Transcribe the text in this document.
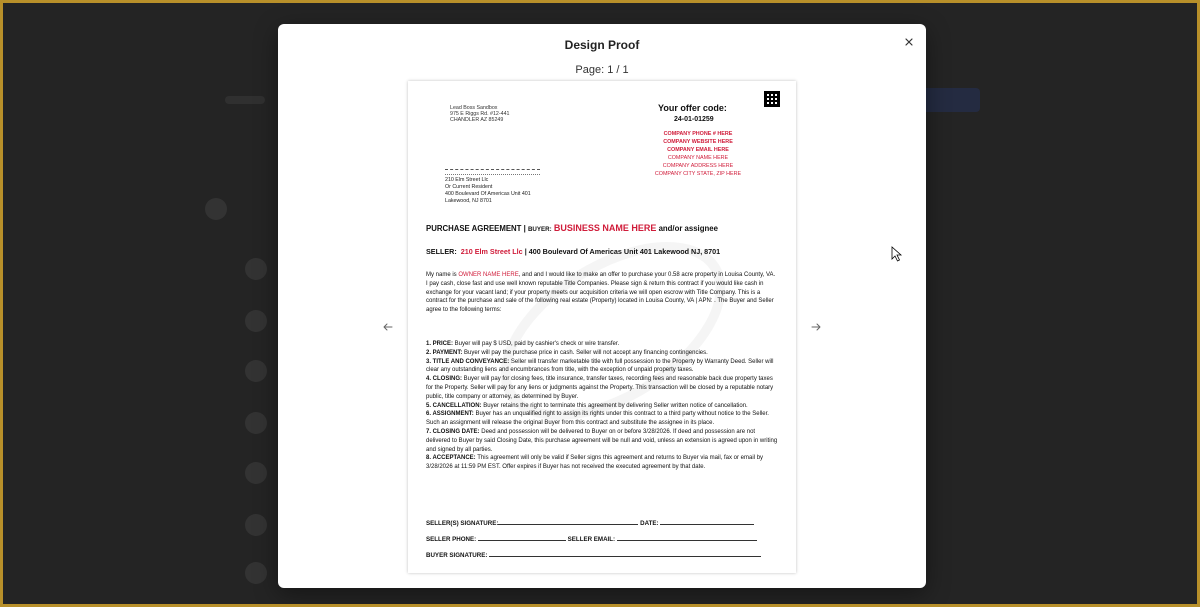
Design Proof
Page: 1 / 1
Lead Boss Sandbox
975 E Riggs Rd. #12-441
CHANDLER AZ 85249
Your offer code:
24-01-01259
COMPANY PHONE # HERE
COMPANY WEBSITE HERE
COMPANY EMAIL HERE
COMPANY NAME HERE
COMPANY ADDRESS HERE
COMPANY CITY STATE, ZIP HERE
210 Elm Street Llc
Or Current Resident
400 Boulevard Of Americas Unit 401
Lakewood, NJ 8701
PURCHASE AGREEMENT | BUYER: BUSINESS NAME HERE and/or assignee
SELLER: 210 Elm Street Llc | 400 Boulevard Of Americas Unit 401 Lakewood NJ, 8701
My name is OWNER NAME HERE, and and I would like to make an offer to purchase your 0.58 acre property in Louisa County, VA. I pay cash, close fast and use well known reputable Title Companies. Please sign & return this contract if you would like cash in exchange for your vacant land; if your property meets our acquisition criteria we will open escrow with Title Company. This is a contract for the purchase and sale of the following real estate (Property) located in Louisa County, VA | APN: . The Buyer and Seller agree to the following terms:
1. PRICE: Buyer will pay $ USD, paid by cashier's check or wire transfer.
2. PAYMENT: Buyer will pay the purchase price in cash. Seller will not accept any financing contingencies.
3. TITLE AND CONVEYANCE: Seller will transfer marketable title with full possession to the Property by Warranty Deed. Seller will clear any outstanding liens and encumbrances from title, with the exception of unpaid property taxes.
4. CLOSING: Buyer will pay for closing fees, title insurance, transfer taxes, recording fees and reasonable back due property taxes for the Property. Seller will pay for any liens or judgments against the Property. This transaction will be closed by a reputable notary public, title company or attorney, as determined by Buyer.
5. CANCELLATION: Buyer retains the right to terminate this agreement by delivering Seller written notice of cancellation.
6. ASSIGNMENT: Buyer has an unqualified right to assign its rights under this contract to a third party without notice to the Seller. Such an assignment will release the original Buyer from this contract and substitute the assignee in its place.
7. CLOSING DATE: Deed and possession will be delivered to Buyer on or before 3/28/2026. If deed and possession are not delivered to Buyer by said Closing Date, this purchase agreement will be null and void, unless an extension is agreed upon in writing and signed by all parties.
8. ACCEPTANCE: This agreement will only be valid if Seller signs this agreement and returns to Buyer via mail, fax or email by 3/28/2026 at 11:59 PM EST. Offer expires if Buyer has not received the executed agreement by that date.
SELLER(S) SIGNATURE:	DATE:
SELLER PHONE:	SELLER EMAIL:
BUYER SIGNATURE:
